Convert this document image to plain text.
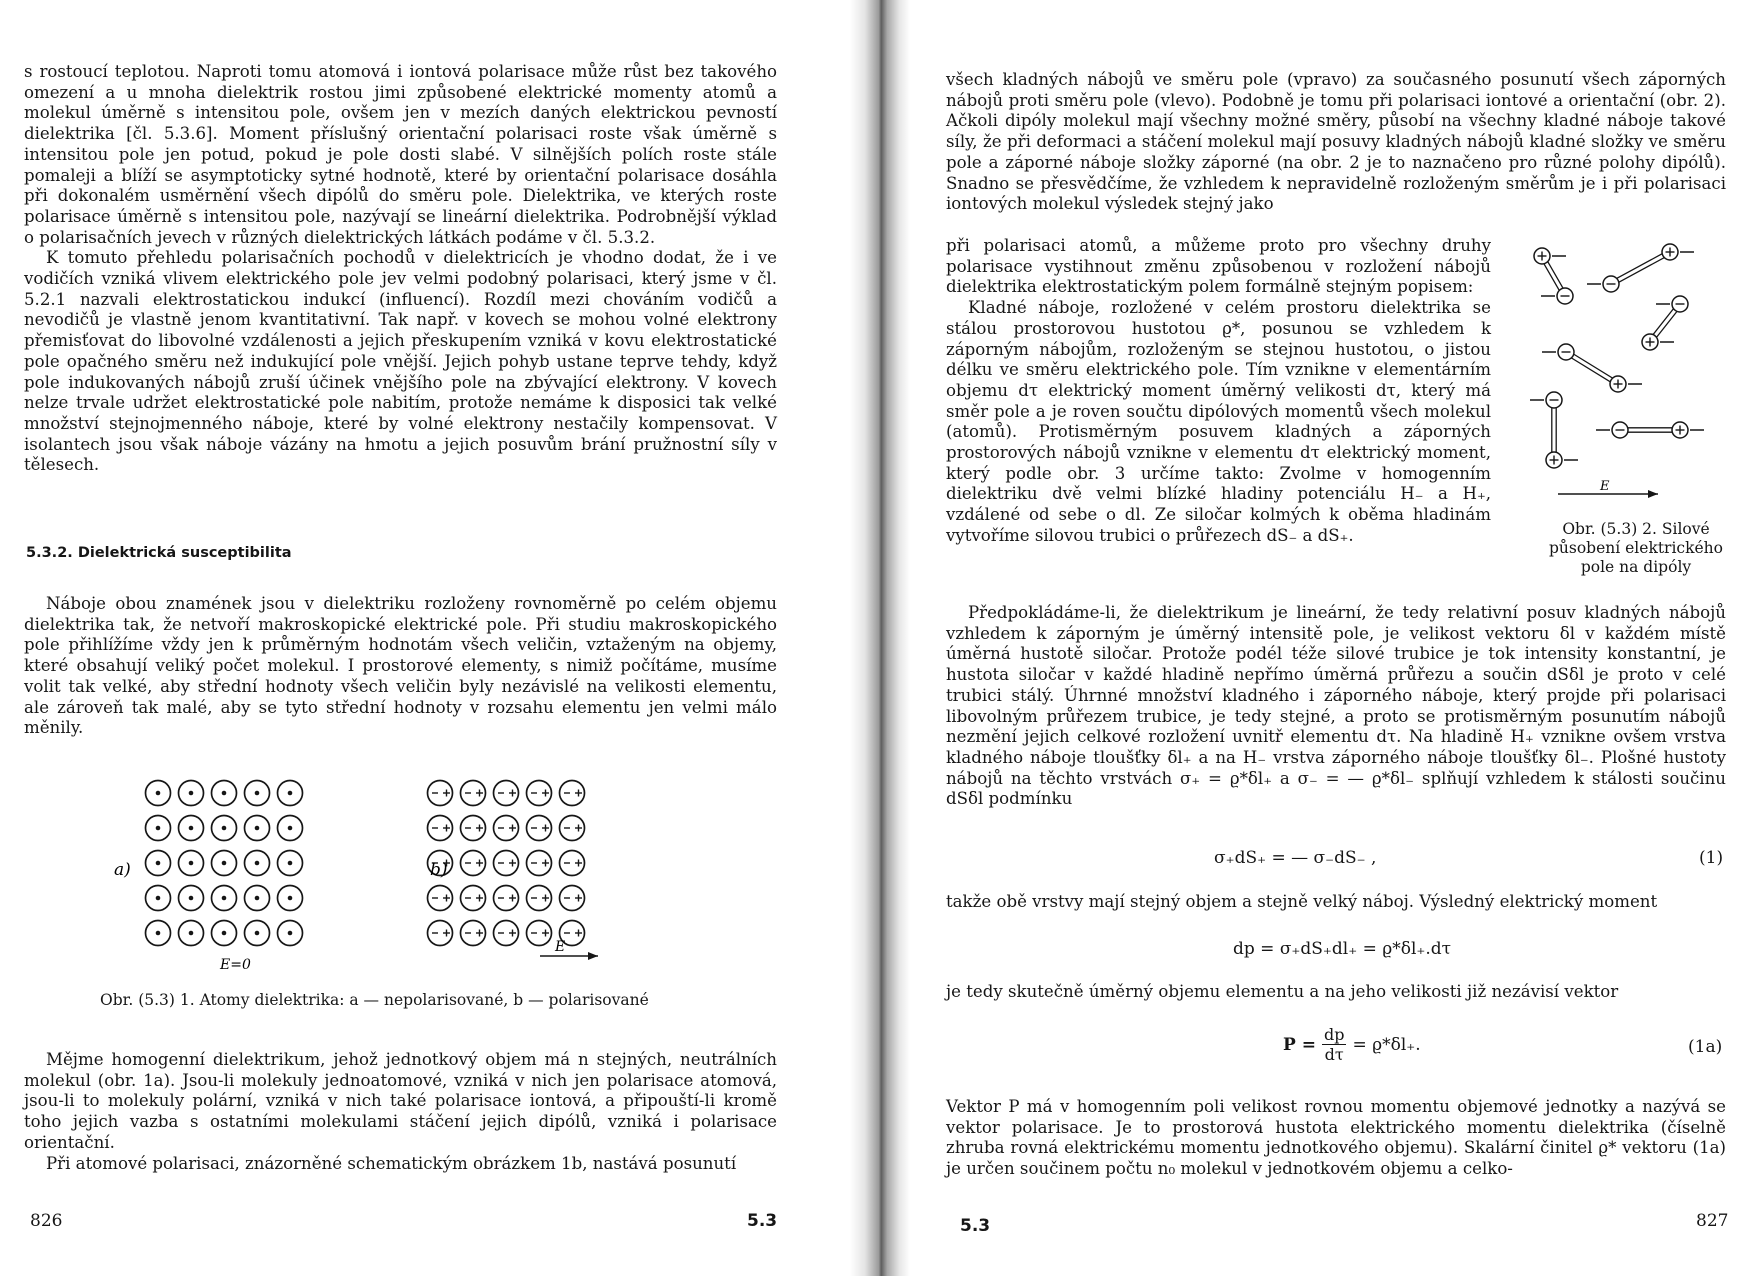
s rostoucí teplotou. Naproti tomu atomová i iontová polarisace může růst bez takového omezení a u mnoha dielektrik rostou jimi způsobené elektrické momenty atomů a molekul úměrně s intensitou pole, ovšem jen v mezích daných elektrickou pevností dielektrika [čl. 5.3.6]. Moment příslušný orientační polarisaci roste však úměrně s intensitou pole jen potud, pokud je pole dosti slabé. V silnějších polích roste stále pomaleji a blíží se asymptoticky sytné hodnotě, které by orientační polarisace dosáhla při dokonalém usměrnění všech dipólů do směru pole. Dielektrika, ve kterých roste polarisace úměrně s intensitou pole, nazývají se lineární dielektrika. Podrobnější výklad o polarisačních jevech v různých dielektrických látkách podáme v čl. 5.3.2.

K tomuto přehledu polarisačních pochodů v dielektricích je vhodno dodat, že i ve vodičích vzniká vlivem elektrického pole jev velmi podobný polarisaci, který jsme v čl. 5.2.1 nazvali elektrostatickou indukcí (influencí). Rozdíl mezi chováním vodičů a nevodičů je vlastně jenom kvantitativní. Tak např. v kovech se mohou volné elektrony přemisťovat do libovolné vzdálenosti a jejich přeskupením vzniká v kovu elektrostatické pole opačného směru než indukující pole vnější. Jejich pohyb ustane teprve tehdy, když pole indukovaných nábojů zruší účinek vnějšího pole na zbývající elektrony. V kovech nelze trvale udržet elektrostatické pole nabitím, protože nemáme k disposici tak velké množství stejnojmenného náboje, které by volné elektrony nestačily kompensovat. V isolantech jsou však náboje vázány na hmotu a jejich posuvům brání pružnostní síly v tělesech.

5.3.2. Dielektrická susceptibilita

Náboje obou znamének jsou v dielektriku rozloženy rovnoměrně po celém objemu dielektrika tak, že netvoří makroskopické elektrické pole. Při studiu makroskopického pole přihlížíme vždy jen k průměrným hodnotám všech veličin, vztaženým na objemy, které obsahují veliký počet molekul. I prostorové elementy, s nimiž počítáme, musíme volit tak velké, aby střední hodnoty všech veličin byly nezávislé na velikosti elementu, ale zároveň tak malé, aby se tyto střední hodnoty v rozsahu elementu jen velmi málo měnily.

a)	b)
E=0
E
Obr. (5.3) 1. Atomy dielektrika: a — nepolarisované, b — polarisované

Mějme homogenní dielektrikum, jehož jednotkový objem má n stejných, neutrálních molekul (obr. 1a). Jsou-li molekuly jednoatomové, vzniká v nich jen polarisace atomová, jsou-li to molekuly polární, vzniká v nich také polarisace iontová, a připouští-li kromě toho jejich vazba s ostatními molekulami stáčení jejich dipólů, vzniká i polarisace orientační.

Při atomové polarisaci, znázorněné schematickým obrázkem 1b, nastává posunutí

826	5.3

všech kladných nábojů ve směru pole (vpravo) za současného posunutí všech záporných nábojů proti směru pole (vlevo). Podobně je tomu při polarisaci iontové a orientační (obr. 2). Ačkoli dipóly molekul mají všechny možné směry, působí na všechny kladné náboje takové síly, že při deformaci a stáčení molekul mají posuvy kladných nábojů kladné složky ve směru pole a záporné náboje složky záporné (na obr. 2 je to naznačeno pro různé polohy dipólů). Snadno se přesvědčíme, že vzhledem k nepravidelně rozloženým směrům je i při polarisaci iontových molekul výsledek stejný jako

při polarisaci atomů, a můžeme proto pro všechny druhy polarisace vystihnout změnu způsobenou v rozložení nábojů dielektrika elektrostatickým polem formálně stejným popisem:

Kladné náboje, rozložené v celém prostoru dielektrika se stálou prostorovou hustotou ϱ*, posunou se vzhledem k záporným nábojům, rozloženým se stejnou hustotou, o jistou délku ve směru elektrického pole. Tím vznikne v elementárním objemu dτ elektrický moment úměrný velikosti dτ, který má směr pole a je roven součtu dipólových momentů všech molekul (atomů). Protisměrným posuvem kladných a záporných prostorových nábojů vznikne v elementu dτ elektrický moment, který podle obr. 3 určíme takto: Zvolme v homogenním dielektriku dvě velmi blízké hladiny potenciálu H₋ a H₊, vzdálené od sebe o dl. Ze siločar kolmých k oběma hladinám vytvoříme silovou trubici o průřezech dS₋ a dS₊.

E
Obr. (5.3) 2. Silové působení elektrického pole na dipóly

Předpokládáme-li, že dielektrikum je lineární, že tedy relativní posuv kladných nábojů vzhledem k záporným je úměrný intensitě pole, je velikost vektoru δl v každém místě úměrná hustotě siločar. Protože podél téže silové trubice je tok intensity konstantní, je hustota siločar v každé hladině nepřímo úměrná průřezu a součin dSδl je proto v celé trubici stálý. Úhrnné množství kladného i záporného náboje, který projde při polarisaci libovolným průřezem trubice, je tedy stejné, a proto se protisměrným posunutím nábojů nezmění jejich celkové rozložení uvnitř elementu dτ. Na hladině H₊ vznikne ovšem vrstva kladného náboje tloušťky δl₊ a na H₋ vrstva záporného náboje tloušťky δl₋. Plošné hustoty nábojů na těchto vrstvách σ₊ = ϱ*δl₊ a σ₋ = — ϱ*δl₋ splňují vzhledem k stálosti součinu dSδl podmínku

σ₊dS₊ = — σ₋dS₋ ,	(1)

takže obě vrstvy mají stejný objem a stejně velký náboj. Výsledný elektrický moment

dp = σ₊dS₊dl₊ = ϱ*δl₊.dτ

je tedy skutečně úměrný objemu elementu a na jeho velikosti již nezávisí vektor

$P = \frac{dp}{d\tau} = ϱ*\delta l_+$.	(1a)

Vektor P má v homogenním poli velikost rovnou momentu objemové jednotky a nazývá se vektor polarisace. Je to prostorová hustota elektrického momentu dielektrika (číselně zhruba rovná elektrickému momentu jednotkového objemu). Skalární činitel ϱ* vektoru (1a) je určen součinem počtu n₀ molekul v jednotkovém objemu a celko-

5.3	827
